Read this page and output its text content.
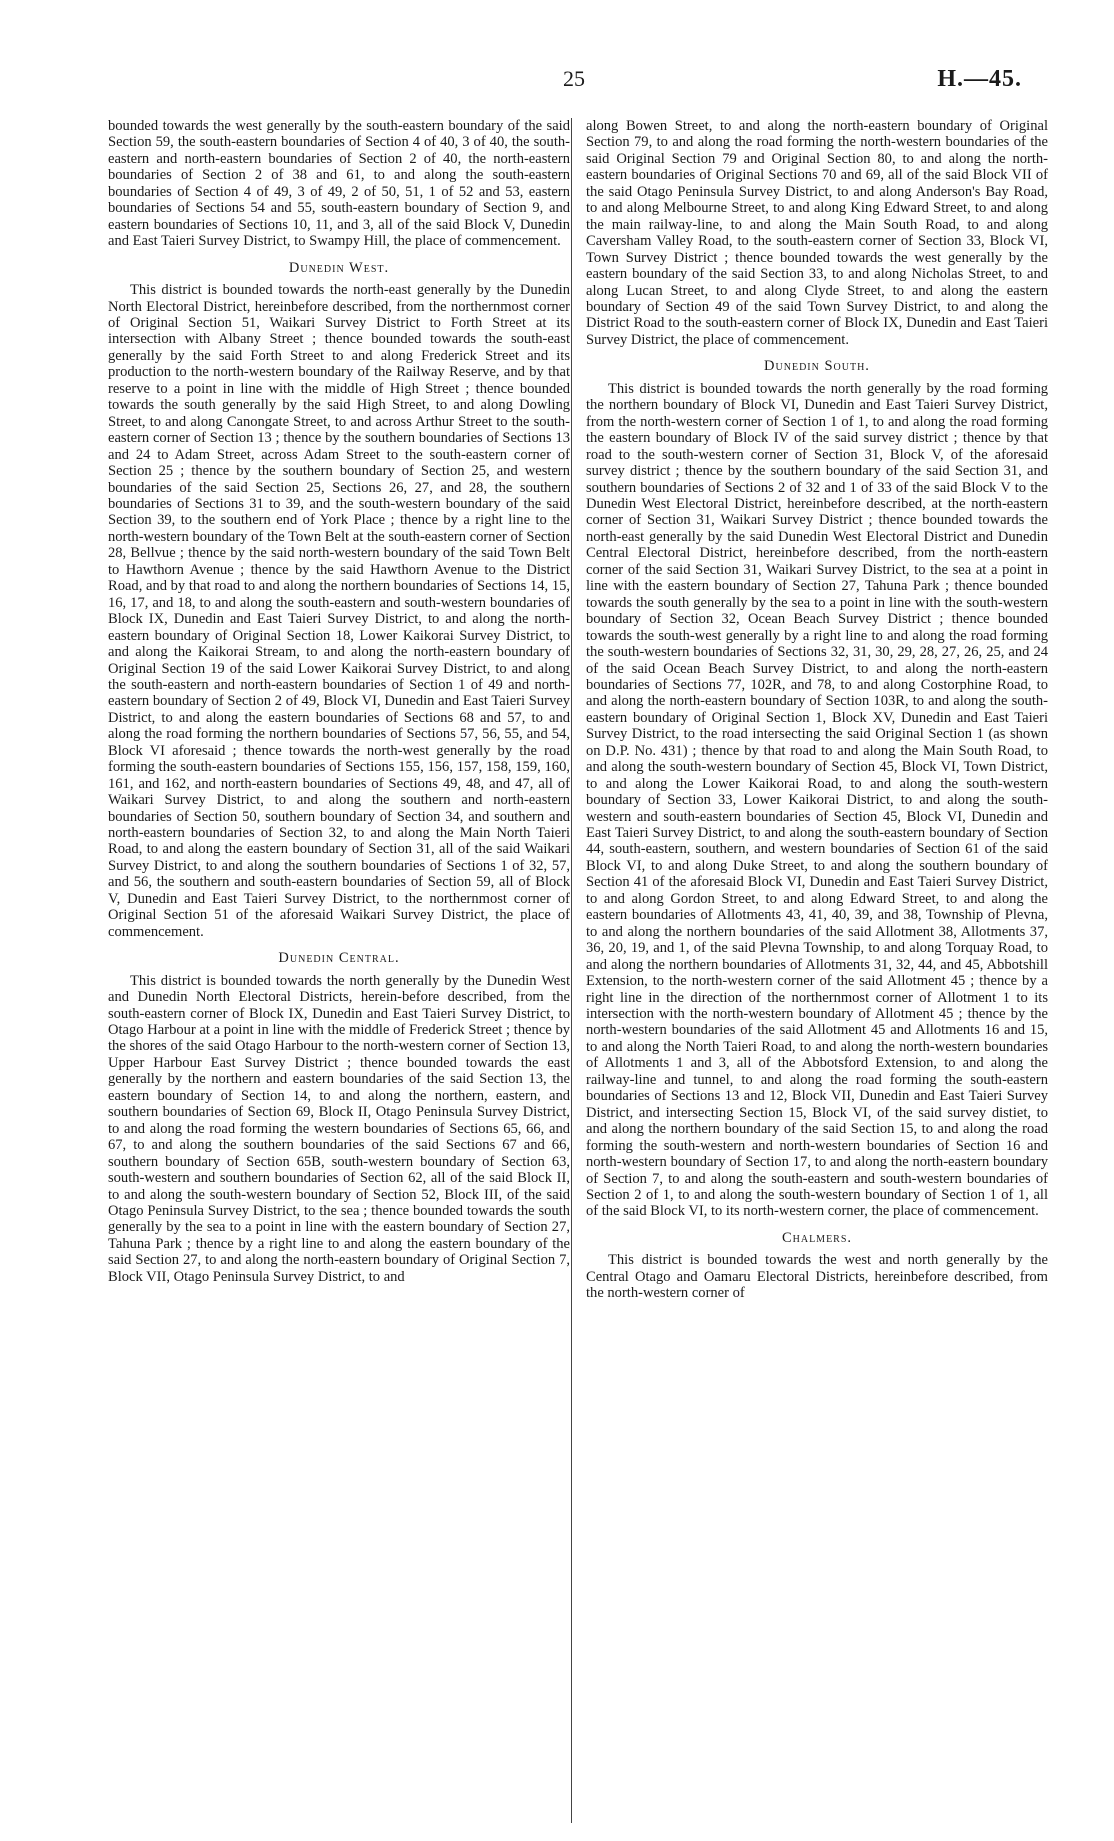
25	H.—45.

bounded towards the west generally by the south-eastern boundary of the said Section 59, the south-eastern boundaries of Section 4 of 40, 3 of 40, the south-eastern and north-eastern boundaries of Section 2 of 40, the north-eastern boundaries of Section 2 of 38 and 61, to and along the south-eastern boundaries of Section 4 of 49, 3 of 49, 2 of 50, 51, 1 of 52 and 53, eastern boundaries of Sections 54 and 55, south-eastern boundary of Section 9, and eastern boundaries of Sections 10, 11, and 3, all of the said Block V, Dunedin and East Taieri Survey District, to Swampy Hill, the place of commencement.

Dunedin West.

This district is bounded towards the north-east generally by the Dunedin North Electoral District, hereinbefore described, from the northernmost corner of Original Section 51, Waikari Survey District to Forth Street at its intersection with Albany Street ; thence bounded towards the south-east generally by the said Forth Street to and along Frederick Street and its production to the north-western boundary of the Railway Reserve, and by that reserve to a point in line with the middle of High Street ; thence bounded towards the south generally by the said High Street, to and along Dowling Street, to and along Canongate Street, to and across Arthur Street to the south-eastern corner of Section 13 ; thence by the southern boundaries of Sections 13 and 24 to Adam Street, across Adam Street to the south-eastern corner of Section 25 ; thence by the southern boundary of Section 25, and western boundaries of the said Section 25, Sections 26, 27, and 28, the southern boundaries of Sections 31 to 39, and the south-western boundary of the said Section 39, to the southern end of York Place ; thence by a right line to the north-western boundary of the Town Belt at the south-eastern corner of Section 28, Bellvue ; thence by the said north-western boundary of the said Town Belt to Hawthorn Avenue ; thence by the said Hawthorn Avenue to the District Road, and by that road to and along the northern boundaries of Sections 14, 15, 16, 17, and 18, to and along the south-eastern and south-western boundaries of Block IX, Dunedin and East Taieri Survey District, to and along the north-eastern boundary of Original Section 18, Lower Kaikorai Survey District, to and along the Kaikorai Stream, to and along the north-eastern boundary of Original Section 19 of the said Lower Kaikorai Survey District, to and along the south-eastern and north-eastern boundaries of Section 1 of 49 and north-eastern boundary of Section 2 of 49, Block VI, Dunedin and East Taieri Survey District, to and along the eastern boundaries of Sections 68 and 57, to and along the road forming the northern boundaries of Sections 57, 56, 55, and 54, Block VI aforesaid ; thence towards the north-west generally by the road forming the south-eastern boundaries of Sections 155, 156, 157, 158, 159, 160, 161, and 162, and north-eastern boundaries of Sections 49, 48, and 47, all of Waikari Survey District, to and along the southern and north-eastern boundaries of Section 50, southern boundary of Section 34, and southern and north-eastern boundaries of Section 32, to and along the Main North Taieri Road, to and along the eastern boundary of Section 31, all of the said Waikari Survey District, to and along the southern boundaries of Sections 1 of 32, 57, and 56, the southern and south-eastern boundaries of Section 59, all of Block V, Dunedin and East Taieri Survey District, to the northernmost corner of Original Section 51 of the aforesaid Waikari Survey District, the place of commencement.

Dunedin Central.

This district is bounded towards the north generally by the Dunedin West and Dunedin North Electoral Districts, herein-before described, from the south-eastern corner of Block IX, Dunedin and East Taieri Survey District, to Otago Harbour at a point in line with the middle of Frederick Street ; thence by the shores of the said Otago Harbour to the north-western corner of Section 13, Upper Harbour East Survey District ; thence bounded towards the east generally by the northern and eastern boundaries of the said Section 13, the eastern boundary of Section 14, to and along the northern, eastern, and southern boundaries of Section 69, Block II, Otago Peninsula Survey District, to and along the road forming the western boundaries of Sections 65, 66, and 67, to and along the southern boundaries of the said Sections 67 and 66, southern boundary of Section 65B, south-western boundary of Section 63, south-western and southern boundaries of Section 62, all of the said Block II, to and along the south-western boundary of Section 52, Block III, of the said Otago Peninsula Survey District, to the sea ; thence bounded towards the south generally by the sea to a point in line with the eastern boundary of Section 27, Tahuna Park ; thence by a right line to and along the eastern boundary of the said Section 27, to and along the north-eastern boundary of Original Section 7, Block VII, Otago Peninsula Survey District, to and

along Bowen Street, to and along the north-eastern boundary of Original Section 79, to and along the road forming the north-western boundaries of the said Original Section 79 and Original Section 80, to and along the north-eastern boundaries of Original Sections 70 and 69, all of the said Block VII of the said Otago Peninsula Survey District, to and along Anderson's Bay Road, to and along Melbourne Street, to and along King Edward Street, to and along the main railway-line, to and along the Main South Road, to and along Caversham Valley Road, to the south-eastern corner of Section 33, Block VI, Town Survey District ; thence bounded towards the west generally by the eastern boundary of the said Section 33, to and along Nicholas Street, to and along Lucan Street, to and along Clyde Street, to and along the eastern boundary of Section 49 of the said Town Survey District, to and along the District Road to the south-eastern corner of Block IX, Dunedin and East Taieri Survey District, the place of commencement.

Dunedin South.

This district is bounded towards the north generally by the road forming the northern boundary of Block VI, Dunedin and East Taieri Survey District, from the north-western corner of Section 1 of 1, to and along the road forming the eastern boundary of Block IV of the said survey district ; thence by that road to the south-western corner of Section 31, Block V, of the aforesaid survey district ; thence by the southern boundary of the said Section 31, and southern boundaries of Sections 2 of 32 and 1 of 33 of the said Block V to the Dunedin West Electoral District, hereinbefore described, at the north-eastern corner of Section 31, Waikari Survey District ; thence bounded towards the north-east generally by the said Dunedin West Electoral District and Dunedin Central Electoral District, hereinbefore described, from the north-eastern corner of the said Section 31, Waikari Survey District, to the sea at a point in line with the eastern boundary of Section 27, Tahuna Park ; thence bounded towards the south generally by the sea to a point in line with the south-western boundary of Section 32, Ocean Beach Survey District ; thence bounded towards the south-west generally by a right line to and along the road forming the south-western boundaries of Sections 32, 31, 30, 29, 28, 27, 26, 25, and 24 of the said Ocean Beach Survey District, to and along the north-eastern boundaries of Sections 77, 102R, and 78, to and along Costorphine Road, to and along the north-eastern boundary of Section 103R, to and along the south-eastern boundary of Original Section 1, Block XV, Dunedin and East Taieri Survey District, to the road intersecting the said Original Section 1 (as shown on D.P. No. 431) ; thence by that road to and along the Main South Road, to and along the south-western boundary of Section 45, Block VI, Town District, to and along the Lower Kaikorai Road, to and along the south-western boundary of Section 33, Lower Kaikorai District, to and along the south-western and south-eastern boundaries of Section 45, Block VI, Dunedin and East Taieri Survey District, to and along the south-eastern boundary of Section 44, south-eastern, southern, and western boundaries of Section 61 of the said Block VI, to and along Duke Street, to and along the southern boundary of Section 41 of the aforesaid Block VI, Dunedin and East Taieri Survey District, to and along Gordon Street, to and along Edward Street, to and along the eastern boundaries of Allotments 43, 41, 40, 39, and 38, Township of Plevna, to and along the northern boundaries of the said Allotment 38, Allotments 37, 36, 20, 19, and 1, of the said Plevna Township, to and along Torquay Road, to and along the northern boundaries of Allotments 31, 32, 44, and 45, Abbotshill Extension, to the north-western corner of the said Allotment 45 ; thence by a right line in the direction of the northernmost corner of Allotment 1 to its intersection with the north-western boundary of Allotment 45 ; thence by the north-western boundaries of the said Allotment 45 and Allotments 16 and 15, to and along the North Taieri Road, to and along the north-western boundaries of Allotments 1 and 3, all of the Abbotsford Extension, to and along the railway-line and tunnel, to and along the road forming the south-eastern boundaries of Sections 13 and 12, Block VII, Dunedin and East Taieri Survey District, and intersecting Section 15, Block VI, of the said survey distiet, to and along the northern boundary of the said Section 15, to and along the road forming the south-western and north-western boundaries of Section 16 and north-western boundary of Section 17, to and along the north-eastern boundary of Section 7, to and along the south-eastern and south-western boundaries of Section 2 of 1, to and along the south-western boundary of Section 1 of 1, all of the said Block VI, to its north-western corner, the place of commencement.

Chalmers.

This district is bounded towards the west and north generally by the Central Otago and Oamaru Electoral Districts, hereinbefore described, from the north-western corner of
